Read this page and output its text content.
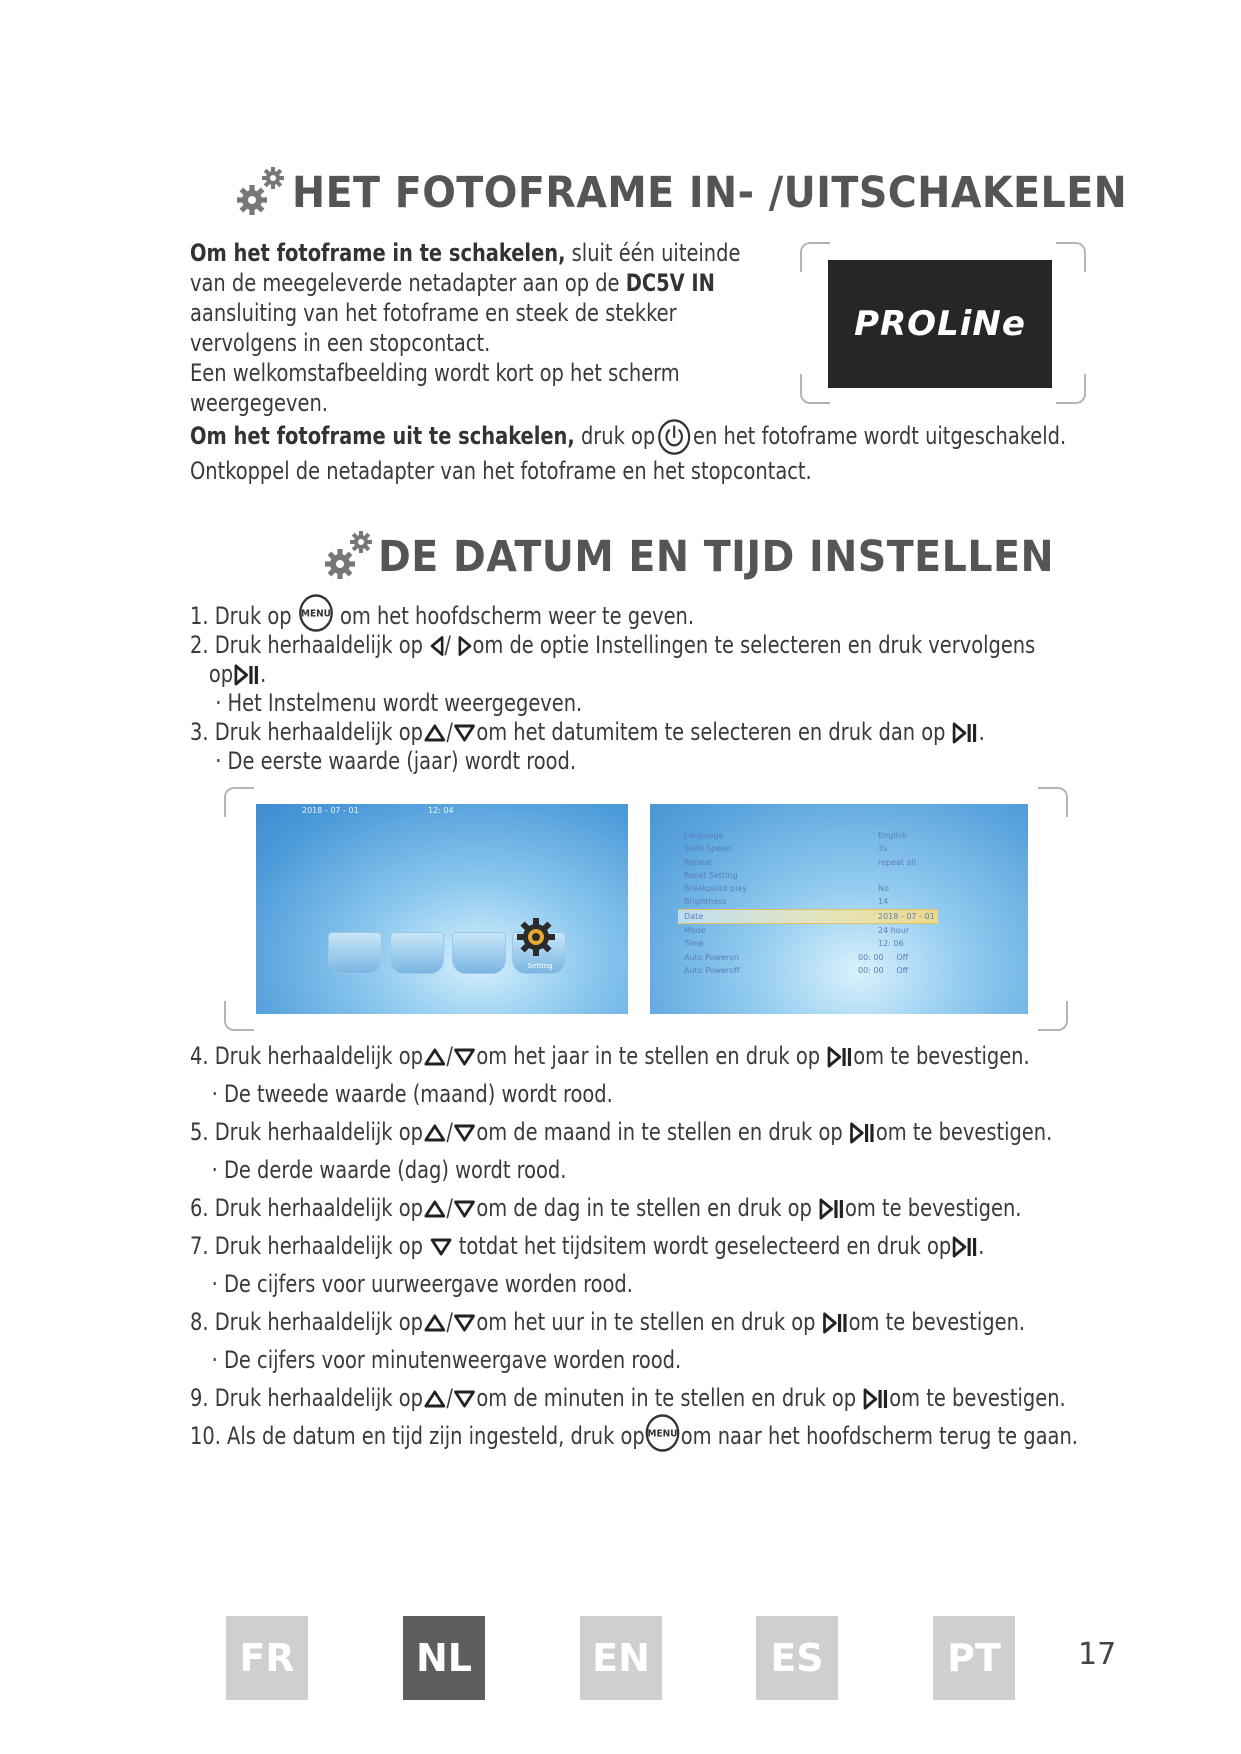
HET FOTOFRAME IN- /UITSCHAKELEN
Om het fotoframe in te schakelen, sluit één uiteinde
van de meegeleverde netadapter aan op de DC5V IN
aansluiting van het fotoframe en steek de stekker
vervolgens in een stopcontact.
Een welkomstafbeelding wordt kort op het scherm
weergegeven.
Om het fotoframe uit te schakelen, druk op en het fotoframe wordt uitgeschakeld.
Ontkoppel de netadapter van het fotoframe en het stopcontact.
PROLiNe
DE DATUM EN TIJD INSTELLEN
1. Druk op om het hoofdscherm weer te geven.
2. Druk herhaaldelijk op / om de optie Instellingen te selecteren en druk vervolgens
op .
· Het Instelmenu wordt weergegeven.
3. Druk herhaaldelijk op / om het datumitem te selecteren en druk dan op .
· De eerste waarde (jaar) wordt rood.
2018 - 07 - 01	12: 04
Setting
Language	English
Slide Speed	3s
Repeat	repeat all
Reset Setting
Breakpoint play	No
Brightness	14
Date	2018 - 07 - 01
Mode	24 hour
Time	12: 06
Auto Poweron	00: 00     Off
Auto Poweroff	00: 00     Off
4. Druk herhaaldelijk op / om het jaar in te stellen en druk op om te bevestigen.
· De tweede waarde (maand) wordt rood.
5. Druk herhaaldelijk op / om de maand in te stellen en druk op om te bevestigen.
· De derde waarde (dag) wordt rood.
6. Druk herhaaldelijk op / om de dag in te stellen en druk op om te bevestigen.
7. Druk herhaaldelijk op totdat het tijdsitem wordt geselecteerd en druk op .
· De cijfers voor uurweergave worden rood.
8. Druk herhaaldelijk op / om het uur in te stellen en druk op om te bevestigen.
· De cijfers voor minutenweergave worden rood.
9. Druk herhaaldelijk op / om de minuten in te stellen en druk op om te bevestigen.
10. Als de datum en tijd zijn ingesteld, druk op om naar het hoofdscherm terug te gaan.
FR	NL	EN	ES	PT	17
